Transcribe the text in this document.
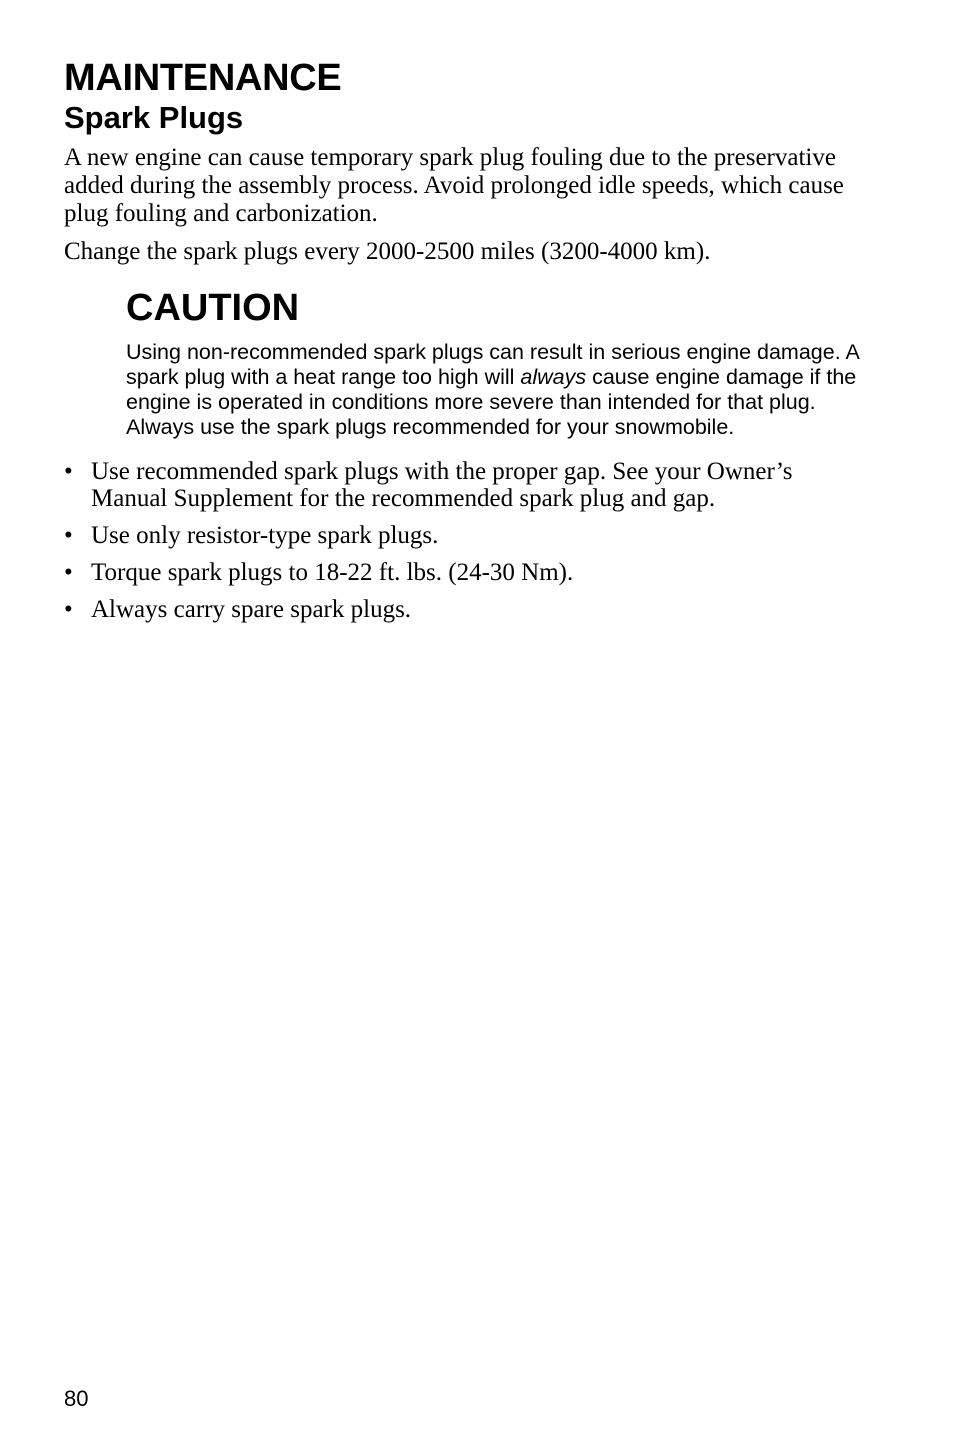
MAINTENANCE
Spark Plugs

A new engine can cause temporary spark plug fouling due to the preservative added during the assembly process. Avoid prolonged idle speeds, which cause plug fouling and carbonization.

Change the spark plugs every 2000-2500 miles (3200-4000 km).

CAUTION

Using non-recommended spark plugs can result in serious engine damage. A spark plug with a heat range too high will always cause engine damage if the engine is operated in conditions more severe than intended for that plug. Always use the spark plugs recommended for your snowmobile.

• Use recommended spark plugs with the proper gap. See your Owner’s Manual Supplement for the recommended spark plug and gap.
• Use only resistor-type spark plugs.
• Torque spark plugs to 18-22 ft. lbs. (24-30 Nm).
• Always carry spare spark plugs.
80
